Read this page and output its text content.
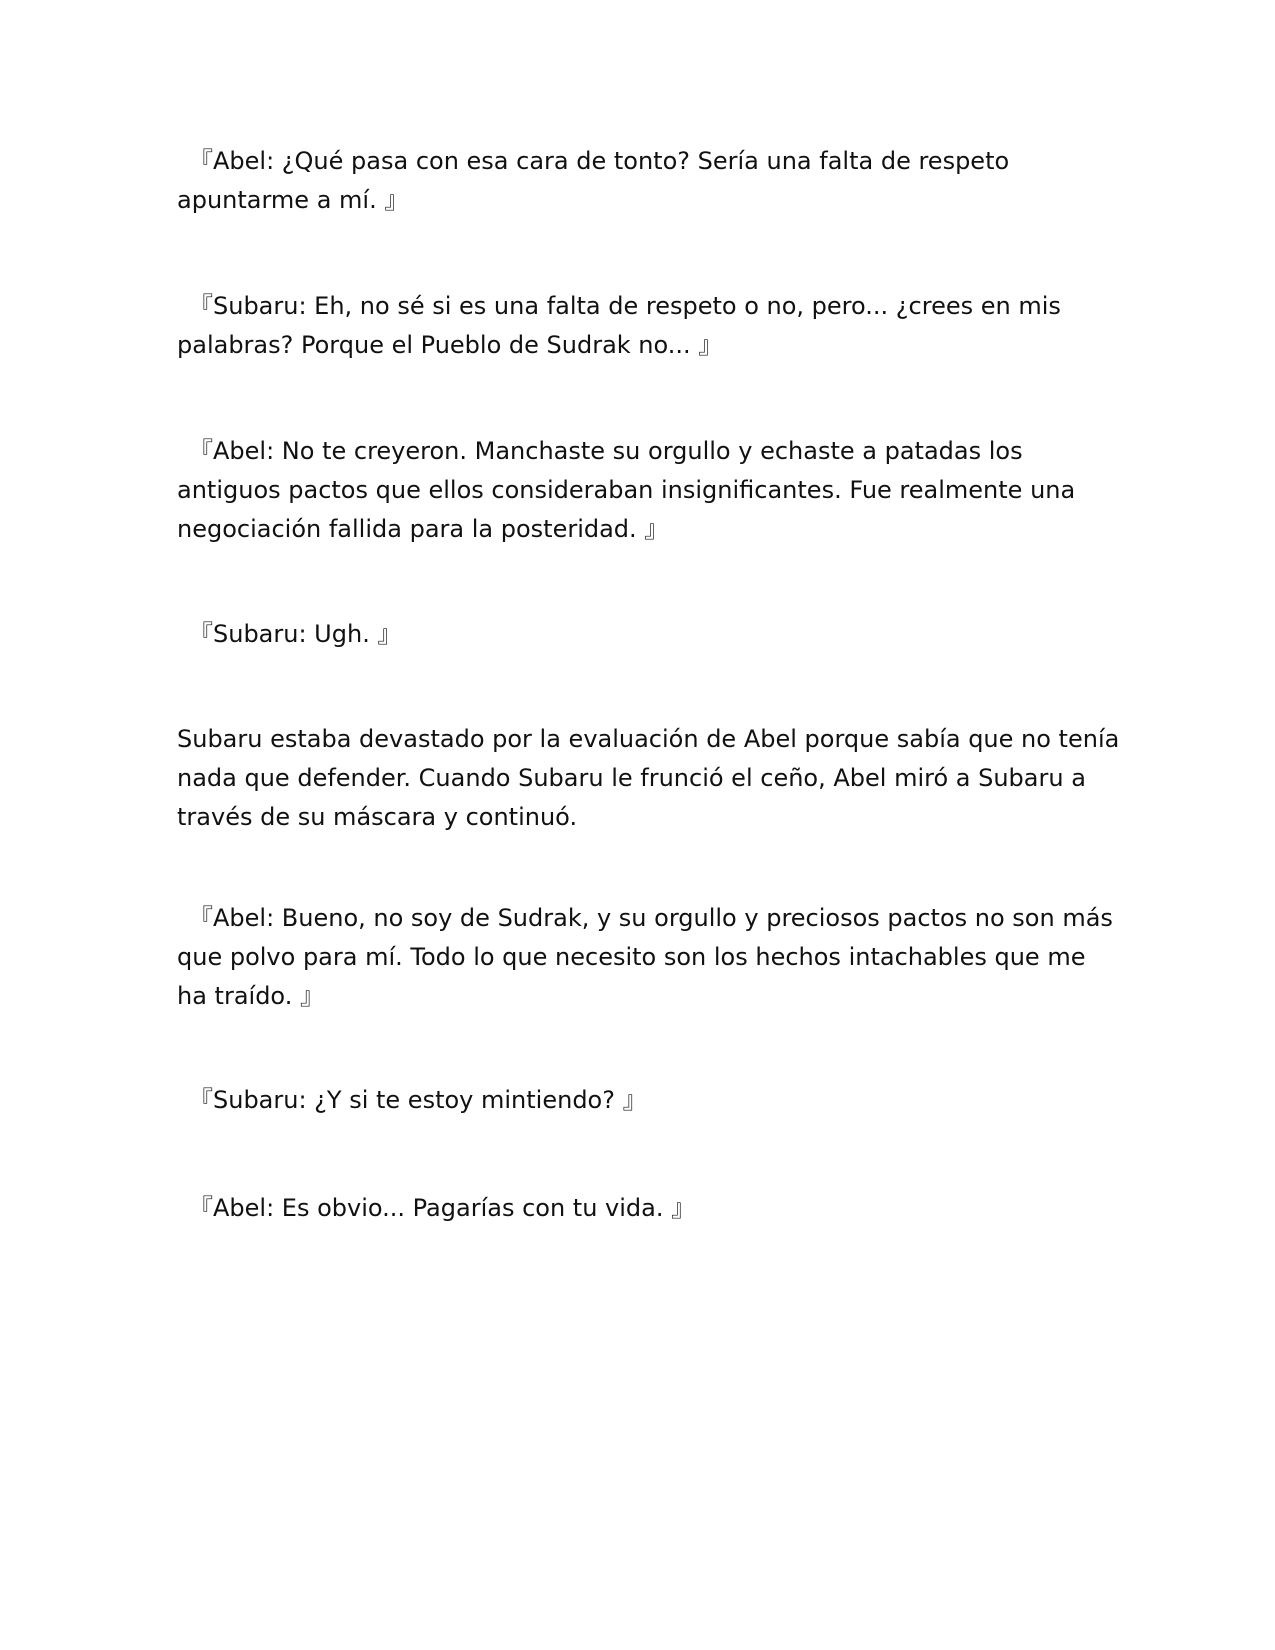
『Abel: ¿Qué pasa con esa cara de tonto? Sería una falta de respeto
apuntarme a mí. 』

『Subaru: Eh, no sé si es una falta de respeto o no, pero... ¿crees en mis
palabras? Porque el Pueblo de Sudrak no... 』

『Abel: No te creyeron. Manchaste su orgullo y echaste a patadas los
antiguos pactos que ellos consideraban insignificantes. Fue realmente una
negociación fallida para la posteridad. 』

『Subaru: Ugh. 』

Subaru estaba devastado por la evaluación de Abel porque sabía que no tenía
nada que defender. Cuando Subaru le frunció el ceño, Abel miró a Subaru a
través de su máscara y continuó.

『Abel: Bueno, no soy de Sudrak, y su orgullo y preciosos pactos no son más
que polvo para mí. Todo lo que necesito son los hechos intachables que me
ha traído. 』

『Subaru: ¿Y si te estoy mintiendo? 』

『Abel: Es obvio... Pagarías con tu vida. 』
